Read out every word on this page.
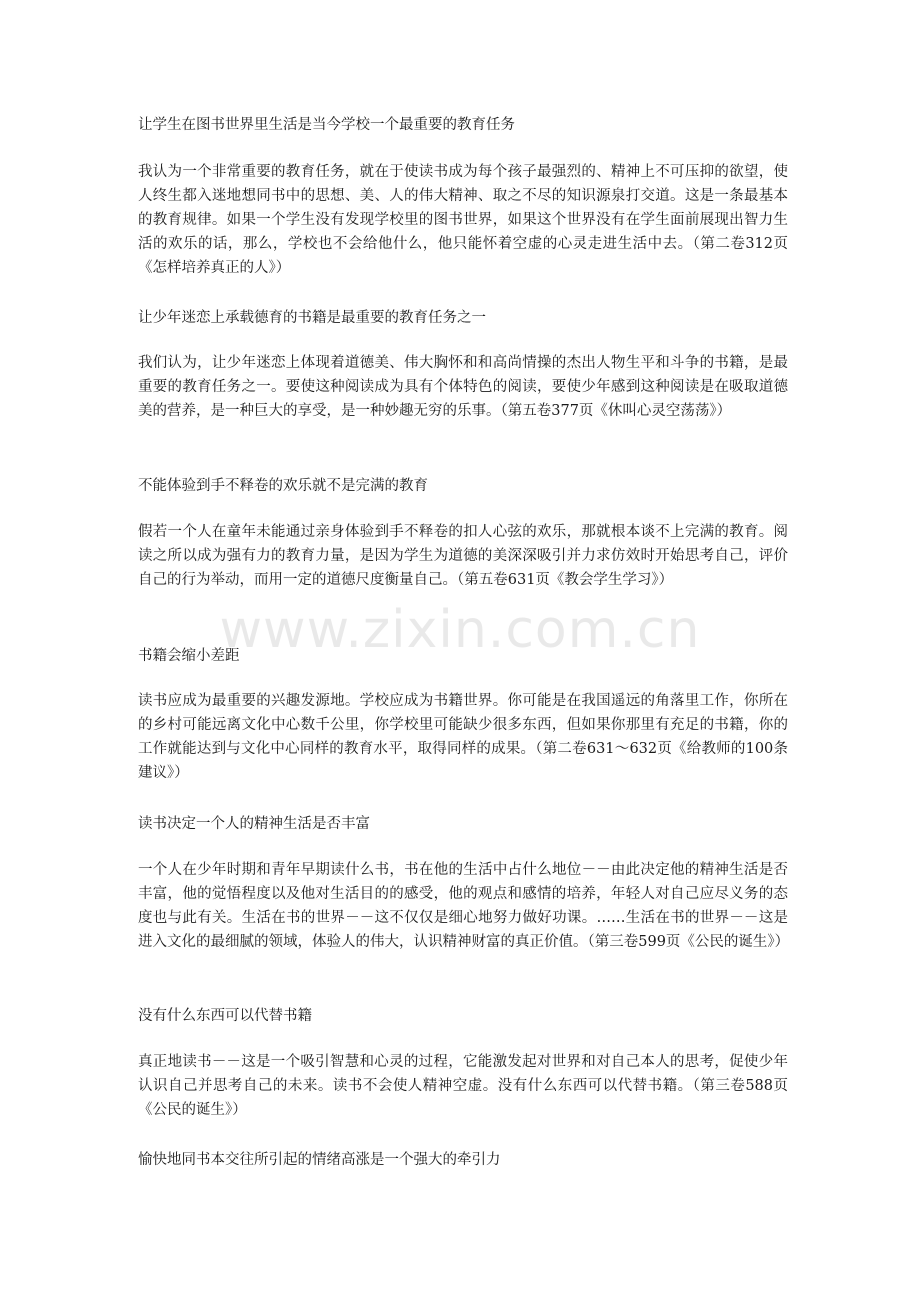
让学生在图书世界里生活是当今学校一个最重要的教育任务

我认为一个非常重要的教育任务，就在于使读书成为每个孩子最强烈的、精神上不可压抑的欲望，使人终生都入迷地想同书中的思想、美、人的伟大精神、取之不尽的知识源泉打交道。这是一条最基本的教育规律。如果一个学生没有发现学校里的图书世界，如果这个世界没有在学生面前展现出智力生活的欢乐的话，那么，学校也不会给他什么，他只能怀着空虚的心灵走进生活中去。（第二卷312页《怎样培养真正的人》）

让少年迷恋上承载德育的书籍是最重要的教育任务之一

我们认为，让少年迷恋上体现着道德美、伟大胸怀和和高尚情操的杰出人物生平和斗争的书籍，是最重要的教育任务之一。要使这种阅读成为具有个体特色的阅读，要使少年感到这种阅读是在吸取道德美的营养，是一种巨大的享受，是一种妙趣无穷的乐事。（第五卷377页《休叫心灵空荡荡》）

不能体验到手不释卷的欢乐就不是完满的教育

假若一个人在童年未能通过亲身体验到手不释卷的扣人心弦的欢乐，那就根本谈不上完满的教育。阅读之所以成为强有力的教育力量，是因为学生为道德的美深深吸引并力求仿效时开始思考自己，评价自己的行为举动，而用一定的道德尺度衡量自己。（第五卷631页《教会学生学习》）

书籍会缩小差距

读书应成为最重要的兴趣发源地。学校应成为书籍世界。你可能是在我国遥远的角落里工作，你所在的乡村可能远离文化中心数千公里，你学校里可能缺少很多东西，但如果你那里有充足的书籍，你的工作就能达到与文化中心同样的教育水平，取得同样的成果。（第二卷631～632页《给教师的100条建议》）

读书决定一个人的精神生活是否丰富

一个人在少年时期和青年早期读什么书，书在他的生活中占什么地位－－由此决定他的精神生活是否丰富，他的觉悟程度以及他对生活目的的感受，他的观点和感情的培养，年轻人对自己应尽义务的态度也与此有关。生活在书的世界－－这不仅仅是细心地努力做好功课。……生活在书的世界－－这是进入文化的最细腻的领域，体验人的伟大，认识精神财富的真正价值。（第三卷599页《公民的诞生》）

没有什么东西可以代替书籍

真正地读书－－这是一个吸引智慧和心灵的过程，它能激发起对世界和对自己本人的思考，促使少年认识自己并思考自己的未来。读书不会使人精神空虚。没有什么东西可以代替书籍。（第三卷588页《公民的诞生》）

愉快地同书本交往所引起的情绪高涨是一个强大的牵引力
www.zixin.com.cn
